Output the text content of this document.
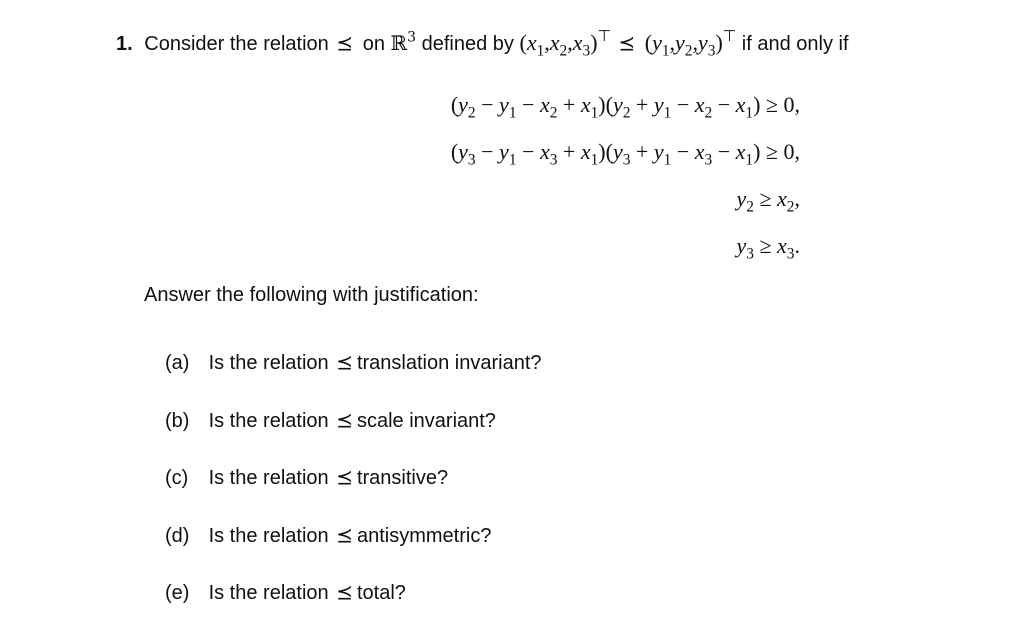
1. Consider the relation ⪯ on ℝ$^3$ defined by $(x_1,x_2,x_3)^⊤$ ⪯ $(y_1,y_2,y_3)^⊤$ if and only if
$(y_2 - y_1 - x_2 + x_1)(y_2 + y_1 - x_2 - x_1) \ge 0$,
$(y_3 - y_1 - x_3 + x_1)(y_3 + y_1 - x_3 - x_1) \ge 0$,
$y_2 \ge x_2$,
$y_3 \ge x_3$.
Answer the following with justification:
(a) Is the relation ⪯ translation invariant?
(b) Is the relation ⪯ scale invariant?
(c) Is the relation ⪯ transitive?
(d) Is the relation ⪯ antisymmetric?
(e) Is the relation ⪯ total?
